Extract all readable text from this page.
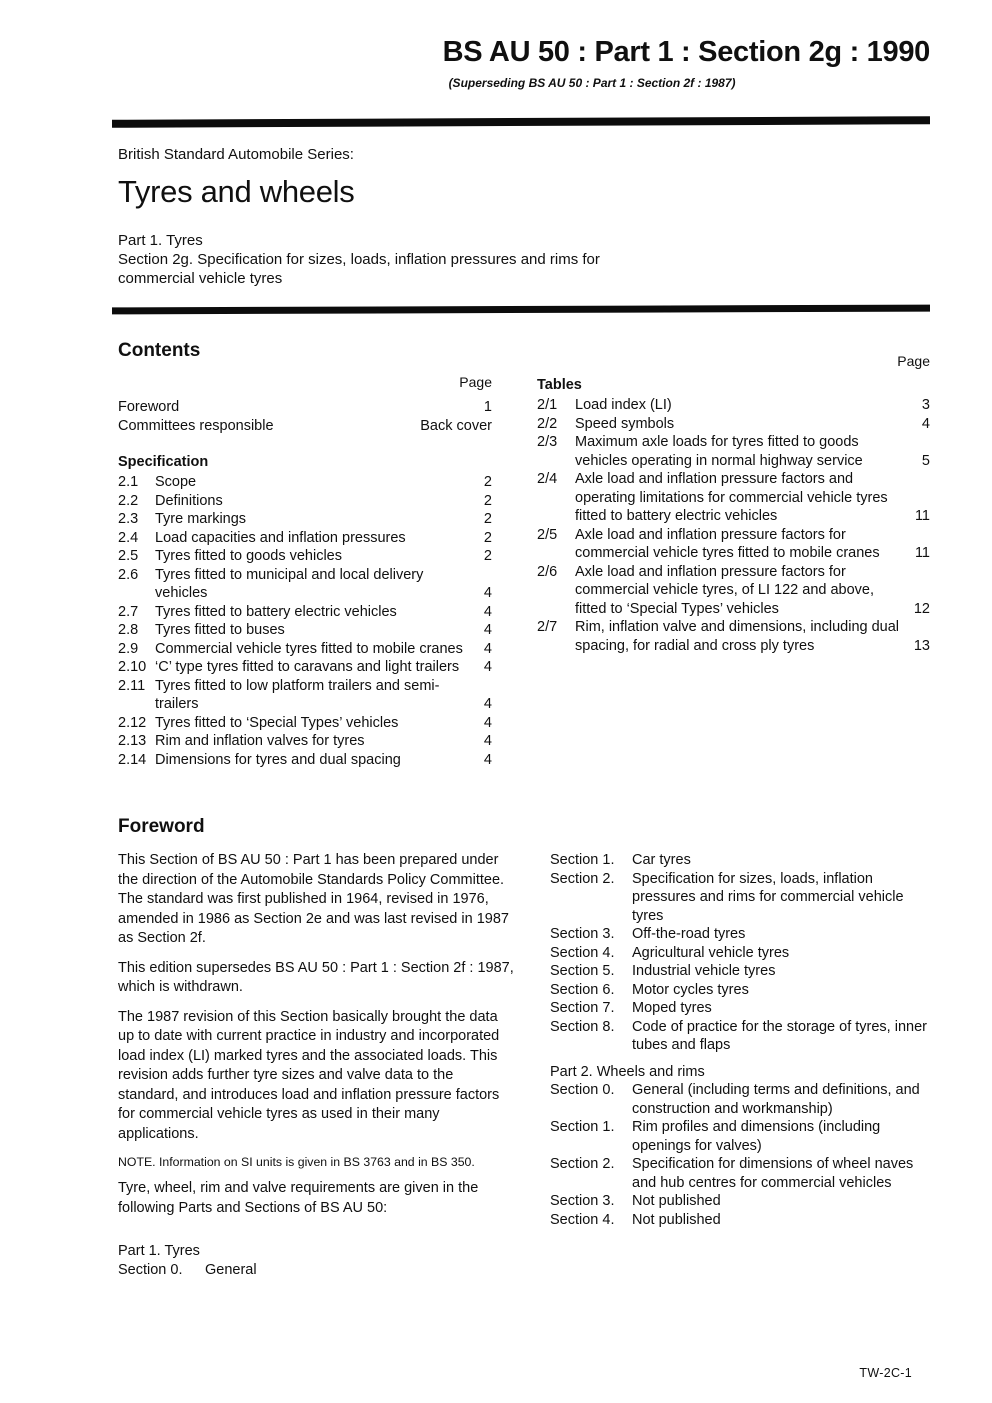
BS AU 50 : Part 1 : Section 2g : 1990
(Superseding BS AU 50 : Part 1 : Section 2f : 1987)
British Standard Automobile Series:
Tyres and wheels
Part 1. Tyres
Section 2g. Specification for sizes, loads, inflation pressures and rims for commercial vehicle tyres
Contents
Page
Foreword	1
Committees responsible	Back cover
Specification
2.1	Scope	2
2.2	Definitions	2
2.3	Tyre markings	2
2.4	Load capacities and inflation pressures	2
2.5	Tyres fitted to goods vehicles	2
2.6	Tyres fitted to municipal and local delivery vehicles	4
2.7	Tyres fitted to battery electric vehicles	4
2.8	Tyres fitted to buses	4
2.9	Commercial vehicle tyres fitted to mobile cranes	4
2.10 ‘C’ type tyres fitted to caravans and light trailers	4
2.11 Tyres fitted to low platform trailers and semi-trailers	4
2.12 Tyres fitted to ‘Special Types’ vehicles	4
2.13 Rim and inflation valves for tyres	4
2.14 Dimensions for tyres and dual spacing	4
Page
Tables
2/1	Load index (LI)	3
2/2	Speed symbols	4
2/3	Maximum axle loads for tyres fitted to goods vehicles operating in normal highway service	5
2/4	Axle load and inflation pressure factors and operating limitations for commercial vehicle tyres fitted to battery electric vehicles	11
2/5	Axle load and inflation pressure factors for commercial vehicle tyres fitted to mobile cranes	11
2/6	Axle load and inflation pressure factors for commercial vehicle tyres, of LI 122 and above, fitted to ‘Special Types’ vehicles	12
2/7	Rim, inflation valve and dimensions, including dual spacing, for radial and cross ply tyres	13
Foreword

This Section of BS AU 50 : Part 1 has been prepared under the direction of the Automobile Standards Policy Committee. The standard was first published in 1964, revised in 1976, amended in 1986 as Section 2e and was last revised in 1987 as Section 2f.

This edition supersedes BS AU 50 : Part 1 : Section 2f : 1987, which is withdrawn.

The 1987 revision of this Section basically brought the data up to date with current practice in industry and incorporated load index (LI) marked tyres and the associated loads. This revision adds further tyre sizes and valve data to the standard, and introduces load and inflation pressure factors for commercial vehicle tyres as used in their many applications.

NOTE. Information on SI units is given in BS 3763 and in BS 350.

Tyre, wheel, rim and valve requirements are given in the following Parts and Sections of BS AU 50:

Part 1. Tyres
Section 0.	General
Section 1.	Car tyres
Section 2.	Specification for sizes, loads, inflation pressures and rims for commercial vehicle tyres
Section 3.	Off-the-road tyres
Section 4.	Agricultural vehicle tyres
Section 5.	Industrial vehicle tyres
Section 6.	Motor cycles tyres
Section 7.	Moped tyres
Section 8.	Code of practice for the storage of tyres, inner tubes and flaps
Part 2. Wheels and rims
Section 0.	General (including terms and definitions, and construction and workmanship)
Section 1.	Rim profiles and dimensions (including openings for valves)
Section 2.	Specification for dimensions of wheel naves and hub centres for commercial vehicles
Section 3.	Not published
Section 4.	Not published
TW-2C-1
